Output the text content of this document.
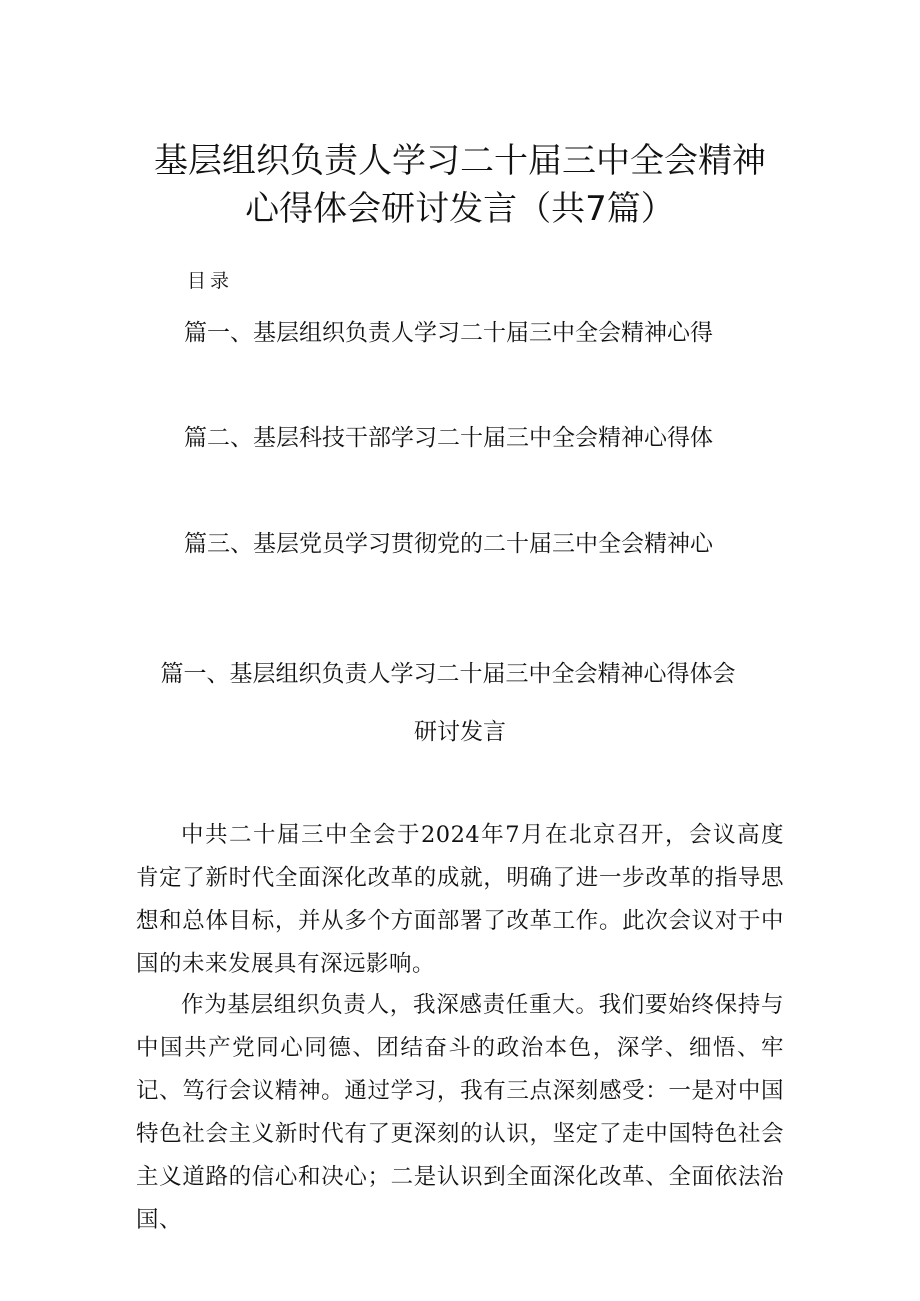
基层组织负责人学习二十届三中全会精神
心得体会研讨发言（共7篇）
目录
篇一、基层组织负责人学习二十届三中全会精神心得
篇二、基层科技干部学习二十届三中全会精神心得体
篇三、基层党员学习贯彻党的二十届三中全会精神心
篇一、基层组织负责人学习二十届三中全会精神心得体会
研讨发言

中共二十届三中全会于2024年7月在北京召开，会议高度肯定了新时代全面深化改革的成就，明确了进一步改革的指导思想和总体目标，并从多个方面部署了改革工作。此次会议对于中国的未来发展具有深远影响。

作为基层组织负责人，我深感责任重大。我们要始终保持与中国共产党同心同德、团结奋斗的政治本色，深学、细悟、牢记、笃行会议精神。通过学习，我有三点深刻感受：一是对中国特色社会主义新时代有了更深刻的认识，坚定了走中国特色社会主义道路的信心和决心；二是认识到全面深化改革、全面依法治国、
